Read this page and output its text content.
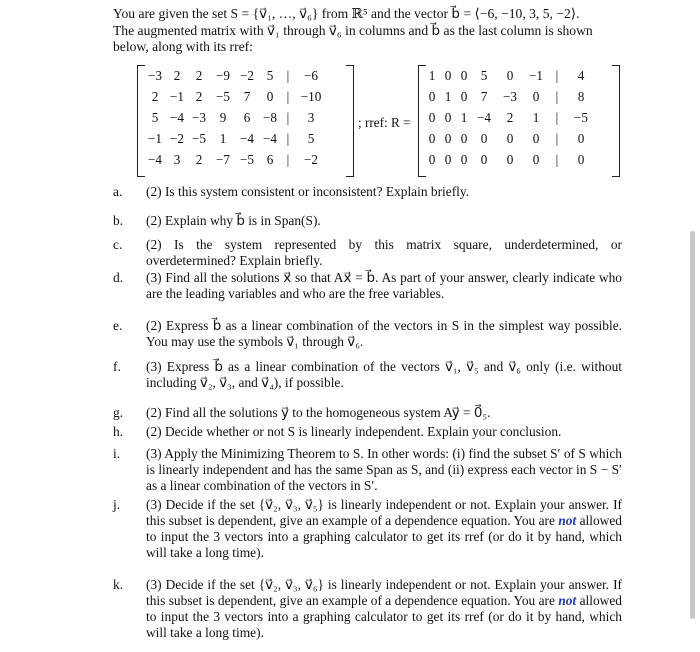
You are given the set S = {v⃗₁, …, v⃗₆} from ℝ⁵ and the vector b⃗ = ⟨−6, −10, 3, 5, −2⟩.

The augmented matrix with v⃗₁ through v⃗₆ in columns and b⃗ as the last column is shown

below, along with its rref:

−3	2	2	−9	−2	5	|	−6
2	−1	2	−5	7	0	|	−10
5	−4	−3	9	6	−8	|	3
−1	−2	−5	1	−4	−4	|	5
−4	3	2	−7	−5	6	|	−2
; rref: R =
1	0	0	5	0	−1	|	4
0	1	0	7	−3	0	|	8
0	0	1	−4	2	1	|	−5
0	0	0	0	0	0	|	0
0	0	0	0	0	0	|	0
a. (2) Is this system consistent or inconsistent? Explain briefly.
b. (2) Explain why b⃗ is in Span(S).
c. (2) Is the system represented by this matrix square, underdetermined, or overdetermined? Explain briefly.
d. (3) Find all the solutions x⃗ so that Ax⃗ = b⃗. As part of your answer, clearly indicate who are the leading variables and who are the free variables.
e. (2) Express b⃗ as a linear combination of the vectors in S in the simplest way possible. You may use the symbols v⃗₁ through v⃗₆.
f. (3) Express b⃗ as a linear combination of the vectors v⃗₁, v⃗₅ and v⃗₆ only (i.e. without including v⃗₂, v⃗₃, and v⃗₄), if possible.
g. (2) Find all the solutions y⃗ to the homogeneous system Ay⃗ = 0⃗₅.
h. (2) Decide whether or not S is linearly independent. Explain your conclusion.
i. (3) Apply the Minimizing Theorem to S. In other words: (i) find the subset S′ of S which is linearly independent and has the same Span as S, and (ii) express each vector in S − S′ as a linear combination of the vectors in S′.
j. (3) Decide if the set {v⃗₂, v⃗₃, v⃗₅} is linearly independent or not. Explain your answer. If this subset is dependent, give an example of a dependence equation. You are not allowed to input the 3 vectors into a graphing calculator to get its rref (or do it by hand, which will take a long time).
k. (3) Decide if the set {v⃗₂, v⃗₃, v⃗₆} is linearly independent or not. Explain your answer. If this subset is dependent, give an example of a dependence equation. You are not allowed to input the 3 vectors into a graphing calculator to get its rref (or do it by hand, which will take a long time).
